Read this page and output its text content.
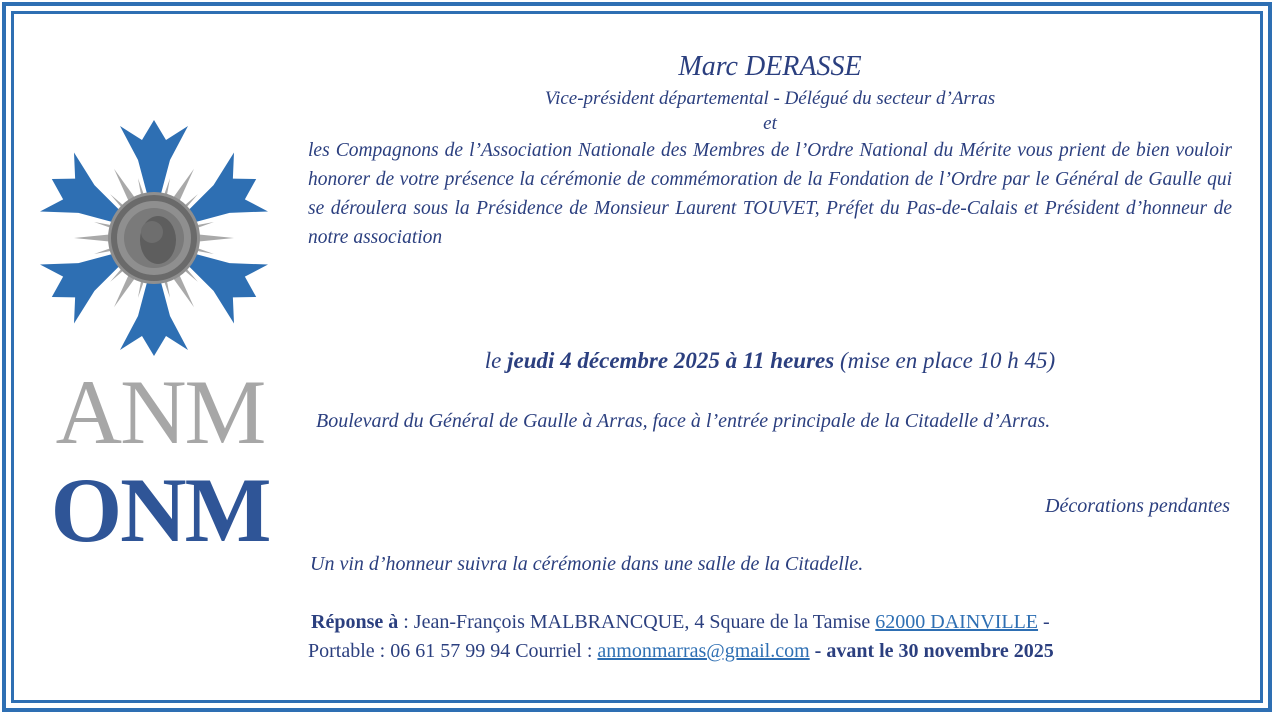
ANM
ONM
Marc DERASSE
Vice-président départemental - Délégué du secteur d’Arras
et

les Compagnons de l’Association Nationale des Membres de l’Ordre National du Mérite vous prient de bien vouloir honorer de votre présence la cérémonie de commémoration de la Fondation de l’Ordre par le Général de Gaulle qui se déroulera sous la Présidence de Monsieur Laurent TOUVET, Préfet du Pas-de-Calais et Président d’honneur de notre association

le jeudi 4 décembre 2025 à 11 heures (mise en place 10 h 45)
Boulevard du Général de Gaulle à Arras, face à l’entrée principale de la Citadelle d’Arras.
Décorations pendantes
Un vin d’honneur suivra la cérémonie dans une salle de la Citadelle.
Réponse à : Jean-François MALBRANCQUE, 4 Square de la Tamise 62000 DAINVILLE -
Portable : 06 61 57 99 94 Courriel : anmonmarras@gmail.com - avant le 30 novembre 2025
